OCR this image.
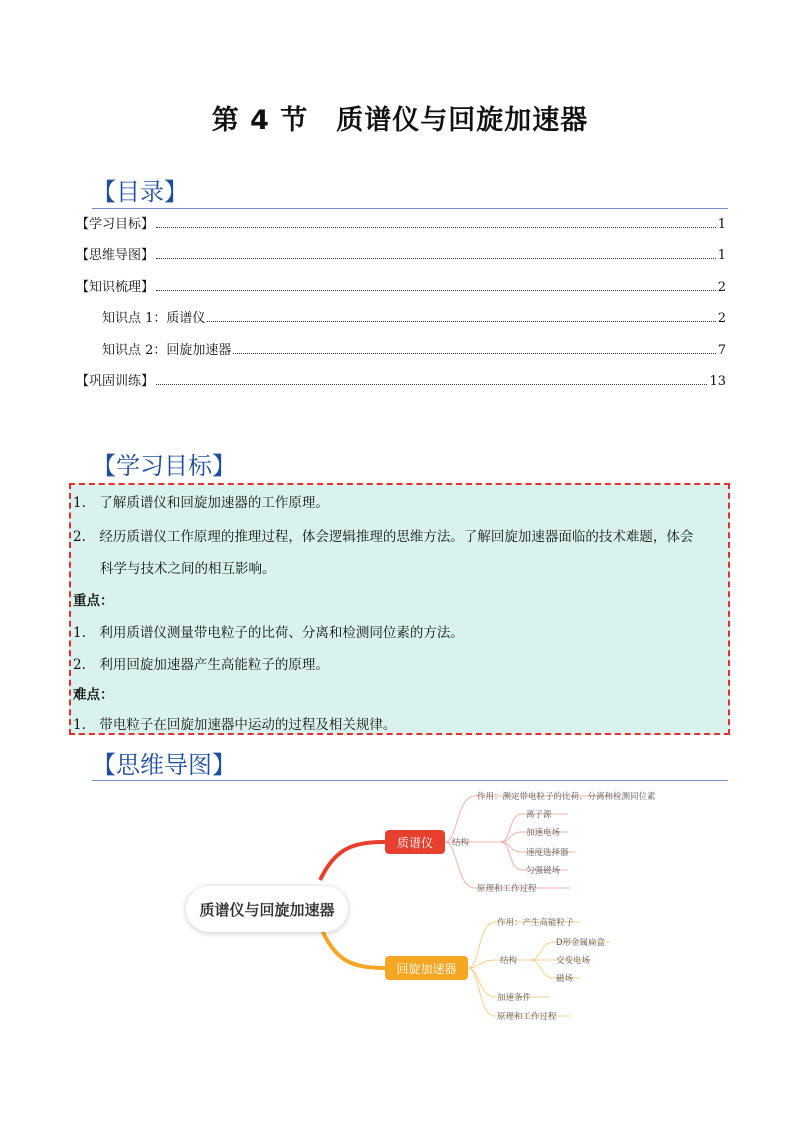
第 4 节　质谱仪与回旋加速器
【目录】
【学习目标】	1
【思维导图】	1
【知识梳理】	2
知识点 1：质谱仪	2
知识点 2：回旋加速器	7
【巩固训练】	13
【学习目标】
1.　了解质谱仪和回旋加速器的工作原理。
2.　经历质谱仪工作原理的推理过程，体会逻辑推理的思维方法。了解回旋加速器面临的技术难题，体会
　　科学与技术之间的相互影响。
重点：
1.　利用质谱仪测量带电粒子的比荷、分离和检测同位素的方法。
2.　利用回旋加速器产生高能粒子的原理。
难点：
1.　带电粒子在回旋加速器中运动的过程及相关规律。
【思维导图】
质谱仪与回旋加速器
质谱仪
回旋加速器
作用：测定带电粒子的比荷、分离和检测同位素
结构
离子源
加速电场
速度选择器
匀强磁场
原理和工作过程
作用：产生高能粒子
结构
D形金属扁盒
交变电场
磁场
加速条件
原理和工作过程
